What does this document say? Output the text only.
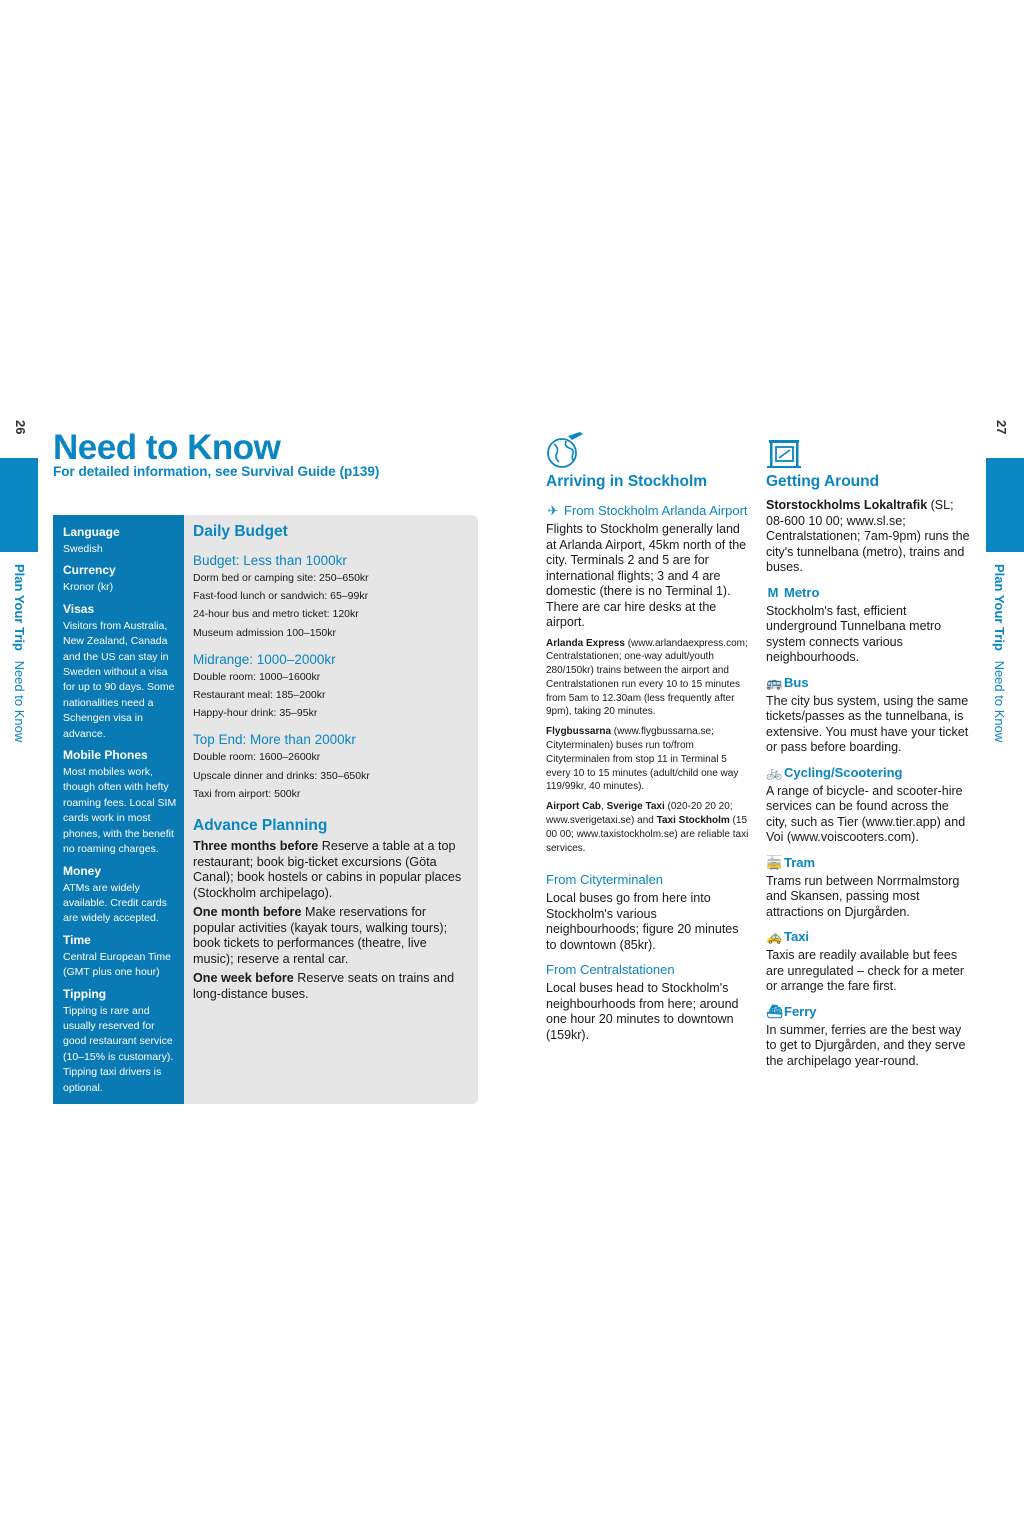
26	27
Plan Your Trip Need to Know
Plan Your Trip Need to Know
Need to Know
For detailed information, see Survival Guide (p139)
Language
Swedish
Currency
Kronor (kr)
Visas
Visitors from Australia, New Zealand, Canada and the US can stay in Sweden without a visa for up to 90 days. Some nationalities need a Schengen visa in advance.
Mobile Phones
Most mobiles work, though often with hefty roaming fees. Local SIM cards work in most phones, with the benefit no roaming charges.
Money
ATMs are widely available. Credit cards are widely accepted.
Time
Central European Time (GMT plus one hour)
Tipping
Tipping is rare and usually reserved for good restaurant service (10–15% is customary). Tipping taxi drivers is optional.
Daily Budget
Budget: Less than 1000kr
Dorm bed or camping site: 250–650kr
Fast-food lunch or sandwich: 65–99kr
24-hour bus and metro ticket: 120kr
Museum admission 100–150kr
Midrange: 1000–2000kr
Double room: 1000–1600kr
Restaurant meal: 185–200kr
Happy-hour drink: 35–95kr
Top End: More than 2000kr
Double room: 1600–2600kr
Upscale dinner and drinks: 350–650kr
Taxi from airport: 500kr
Advance Planning
Three months before Reserve a table at a top restaurant; book big-ticket excursions (Göta Canal); book hostels or cabins in popular places (Stockholm archipelago).
One month before Make reservations for popular activities (kayak tours, walking tours); book tickets to performances (theatre, live music); reserve a rental car.
One week before Reserve seats on trains and long-distance buses.
Arriving in Stockholm
✈ From Stockholm Arlanda Airport
Flights to Stockholm generally land at Arlanda Airport, 45km north of the city. Terminals 2 and 5 are for international flights; 3 and 4 are domestic (there is no Terminal 1). There are car hire desks at the airport.
Arlanda Express (www.arlandaexpress.com; Centralstationen; one-way adult/youth 280/150kr) trains between the airport and Centralstationen run every 10 to 15 minutes from 5am to 12.30am (less frequently after 9pm), taking 20 minutes.
Flygbussarna (www.flygbussarna.se; Cityterminalen) buses run to/from Cityterminalen from stop 11 in Terminal 5 every 10 to 15 minutes (adult/child one way 119/99kr, 40 minutes).
Airport Cab, Sverige Taxi (020-20 20 20; www.sverigetaxi.se) and Taxi Stockholm (15 00 00; www.taxistockholm.se) are reliable taxi services.
From Cityterminalen
Local buses go from here into Stockholm's various neighbourhoods; figure 20 minutes to downtown (85kr).
From Centralstationen
Local buses head to Stockholm's neighbourhoods from here; around one hour 20 minutes to downtown (159kr).
Getting Around
Storstockholms Lokaltrafik (SL; 08-600 10 00; www.sl.se; Centralstationen; 7am-9pm) runs the city's tunnelbana (metro), trains and buses.
M Metro
Stockholm's fast, efficient underground Tunnelbana metro system connects various neighbourhoods.
🚌 Bus
The city bus system, using the same tickets/passes as the tunnelbana, is extensive. You must have your ticket or pass before boarding.
🚲 Cycling/Scootering
A range of bicycle- and scooter-hire services can be found across the city, such as Tier (www.tier.app) and Voi (www.voiscooters.com).
🚋 Tram
Trams run between Norrmalmstorg and Skansen, passing most attractions on Djurgården.
🚕 Taxi
Taxis are readily available but fees are unregulated – check for a meter or arrange the fare first.
⛴Ferry
In summer, ferries are the best way to get to Djurgården, and they serve the archipelago year-round.
